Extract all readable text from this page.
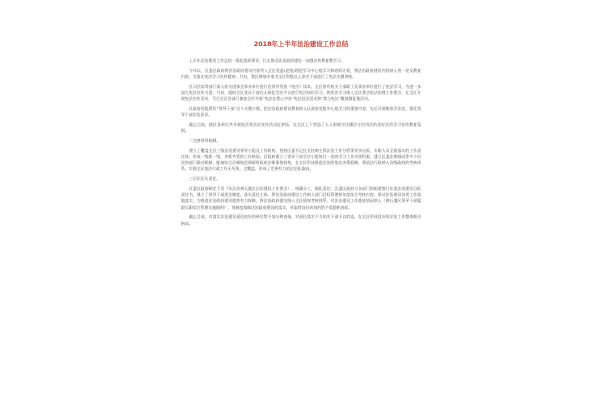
2018年上半年法治建设工作总结

上半年法治建设工作总结一强化组织领导，扎实推动法治政府建设一加强宣传教育教学习。

今年以，区委区政府将法治政府建设内容列入全区党委(党组)理论学习中心组学习和培训计划，将法治政府建设内容纳入用一党员教育内容，为落实宪法学习宣传精神，月份，我区聘请专家为全区科级以上余名干部进行了宪法专题讲座。

区司法局等部门深入机关团体企事业单位进行宣讲并发放《宪法》读本，全区所有机关干部职工及事业单位进行了宪法学习，为进一步加大宪法宣传力度，月份，组织全区党员干部在无纸化学法平台进行宪法知识学习，将宪法学习纳入全区普法依法治理工作要点，在全区开展宪法宣传活动，号召全区各部门参加全市开展“宪法在我心中驻”宪法征法活动和“我与宪法”微视频征集活动。

区政府党组紧盯“领导干部”这个关键少数，把法治政府建设教育纳入区政府党组中心组学习的重要内容，先后开展集体学法次，强化领导干部法治意识。

截止目前，辖区各单位共开展宪法等法治宣传活动近余场，在全区上下营造了人人积极学法懂法守法用法的良好法治学习宣传教育氛围。

二完善领导机制。

建立了覆盖全区三级法治建设领导小组及工作机构，坚持区委书记区长挂帅主抓法治工作分管领导亲自抓，专职人员全面落实的工作责任体，形成一级抓一级，齐抓共管的工作格局。区政府建立了领导干部学法小组每月一次的学习工作实绩档案，建立区委法律顾问等多个层次和部门联动机制，配备综合法制规范调研所政府法律事务机构，在全区形成推进法治的依法决策机制，将依法行政纳入各级政府的考核体系，实现全区依法行政工作无死角、全覆盖，形成了完善有力的法治化取向。

三层层压实责任。

区委区政府制定下发《年法治黄石港区法治建设工作要点》，明确分工，细化责任；区委区政府与各部门和街道签订年度法治建设目标责任书，建立了领导干部述法制度，落实责任主体。将法治政府建设工作纳入部门目标管理和年度综合考核内容，推动法治建设各项工作落地落实，为推进法治政府建设提供有力保障，将法治政府建设纳入全区绩效考核体系，对法治建设工作推进情况纳入《黄石港区领导干部履职尽职综合管理实施细则》，用制度保障法治政府建设的落实，对取得良好成效的给予奖励和表彰。

截止目前，对落实法治建设责任较好的单位给予加分和表扬，对责任落实不力的名干部予以约谈，在全区形成良好的法治工作整体联动格局。
